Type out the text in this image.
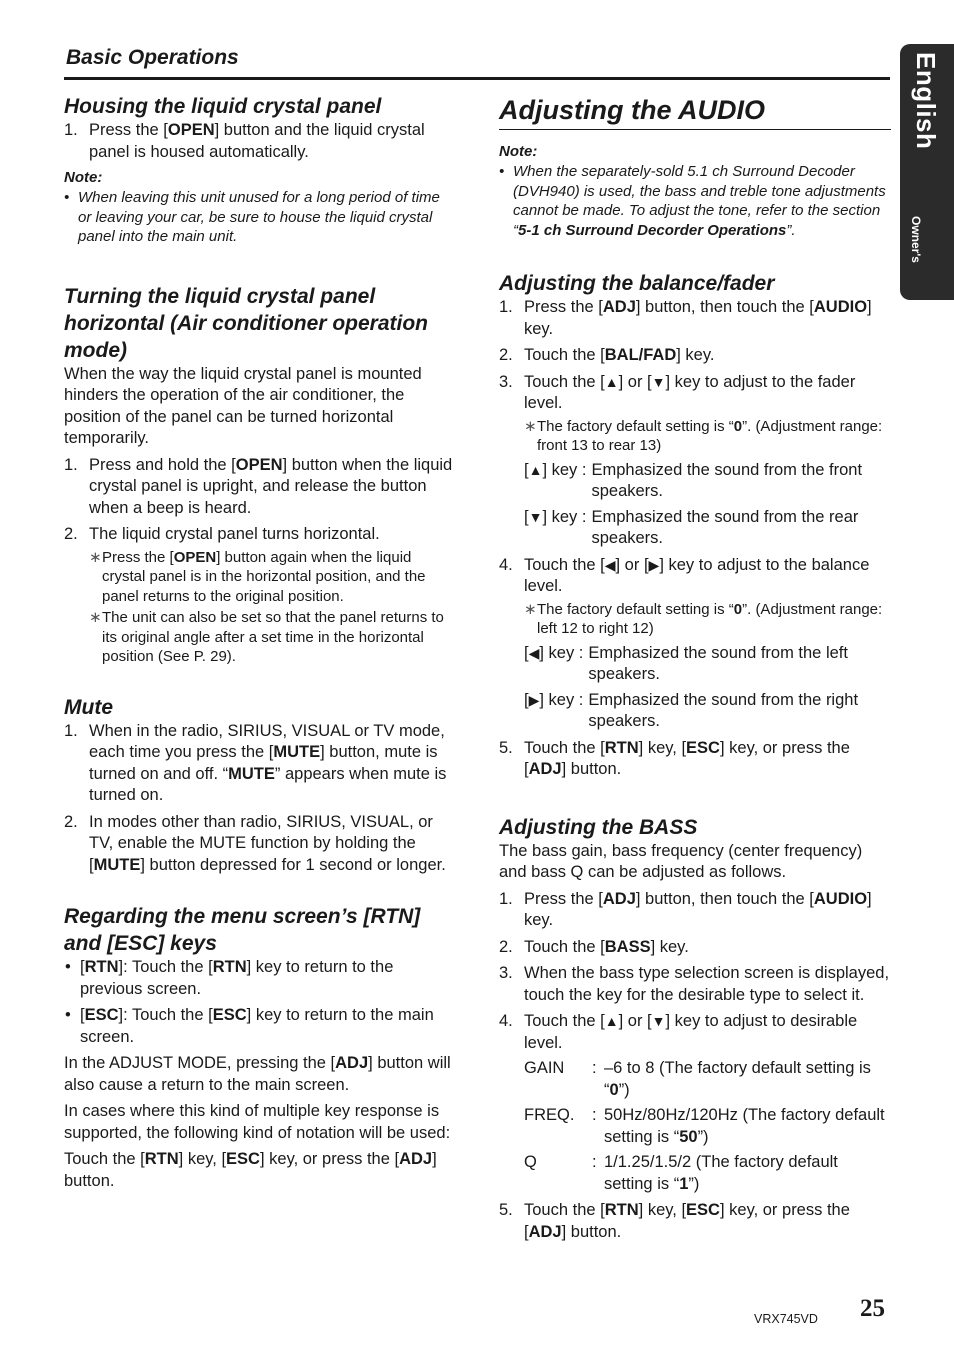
Basic Operations	English
Owner's manual
Housing the liquid crystal panel
1. Press the [OPEN] button and the liquid crystal panel is housed automatically.
Note:
• When leaving this unit unused for a long period of time or leaving your car, be sure to house the liquid crystal panel into the main unit.
Turning the liquid crystal panel horizontal (Air conditioner operation mode)

When the way the liquid crystal panel is mounted hinders the operation of the air conditioner, the position of the panel can be turned horizontal temporarily.

1. Press and hold the [OPEN] button when the liquid crystal panel is upright, and release the button when a beep is heard.
2. The liquid crystal panel turns horizontal.
∗ Press the [OPEN] button again when the liquid crystal panel is in the horizontal position, and the panel returns to the original position.
∗ The unit can also be set so that the panel returns to its original angle after a set time in the horizontal position (See P. 29).
Mute
1. When in the radio, SIRIUS, VISUAL or TV mode, each time you press the [MUTE] button, mute is turned on and off. “MUTE” appears when mute is turned on.
2. In modes other than radio, SIRIUS, VISUAL, or TV, enable the MUTE function by holding the [MUTE] button depressed for 1 second or longer.
Regarding the menu screen’s [RTN] and [ESC] keys
• [RTN]: Touch the [RTN] key to return to the previous screen.
• [ESC]: Touch the [ESC] key to return to the main screen.

In the ADJUST MODE, pressing the [ADJ] button will also cause a return to the main screen.

In cases where this kind of multiple key response is supported, the following kind of notation will be used:

Touch the [RTN] key, [ESC] key, or press the [ADJ] button.

Adjusting the AUDIO
Note:
• When the separately-sold 5.1 ch Surround Decoder (DVH940) is used, the bass and treble tone adjustments cannot be made. To adjust the tone, refer to the section “5-1 ch Surround Decorder Operations”.
Adjusting the balance/fader
1. Press the [ADJ] button, then touch the [AUDIO] key.
2. Touch the [BAL/FAD] key.
3. Touch the [▲] or [▼] key to adjust to the fader level.
∗ The factory default setting is “0”. (Adjustment range: front 13 to rear 13)
[▲] key : Emphasized the sound from the front speakers.
[▼] key : Emphasized the sound from the rear speakers.
4. Touch the [◀] or [▶] key to adjust to the balance level.
∗ The factory default setting is “0”. (Adjustment range: left 12 to right 12)
[◀] key : Emphasized the sound from the left speakers.
[▶] key : Emphasized the sound from the right speakers.
5. Touch the [RTN] key, [ESC] key, or press the [ADJ] button.
Adjusting the BASS

The bass gain, bass frequency (center frequency) and bass Q can be adjusted as follows.

1. Press the [ADJ] button, then touch the [AUDIO] key.
2. Touch the [BASS] key.
3. When the bass type selection screen is displayed, touch the key for the desirable type to select it.
4. Touch the [▲] or [▼] key to adjust to desirable level.
GAIN	: –6 to 8 (The factory default setting is “0”)
FREQ.	: 50Hz/80Hz/120Hz (The factory default setting is “50”)
Q	: 1/1.25/1.5/2 (The factory default setting is “1”)
5. Touch the [RTN] key, [ESC] key, or press the [ADJ] button.
VRX745VD 25
